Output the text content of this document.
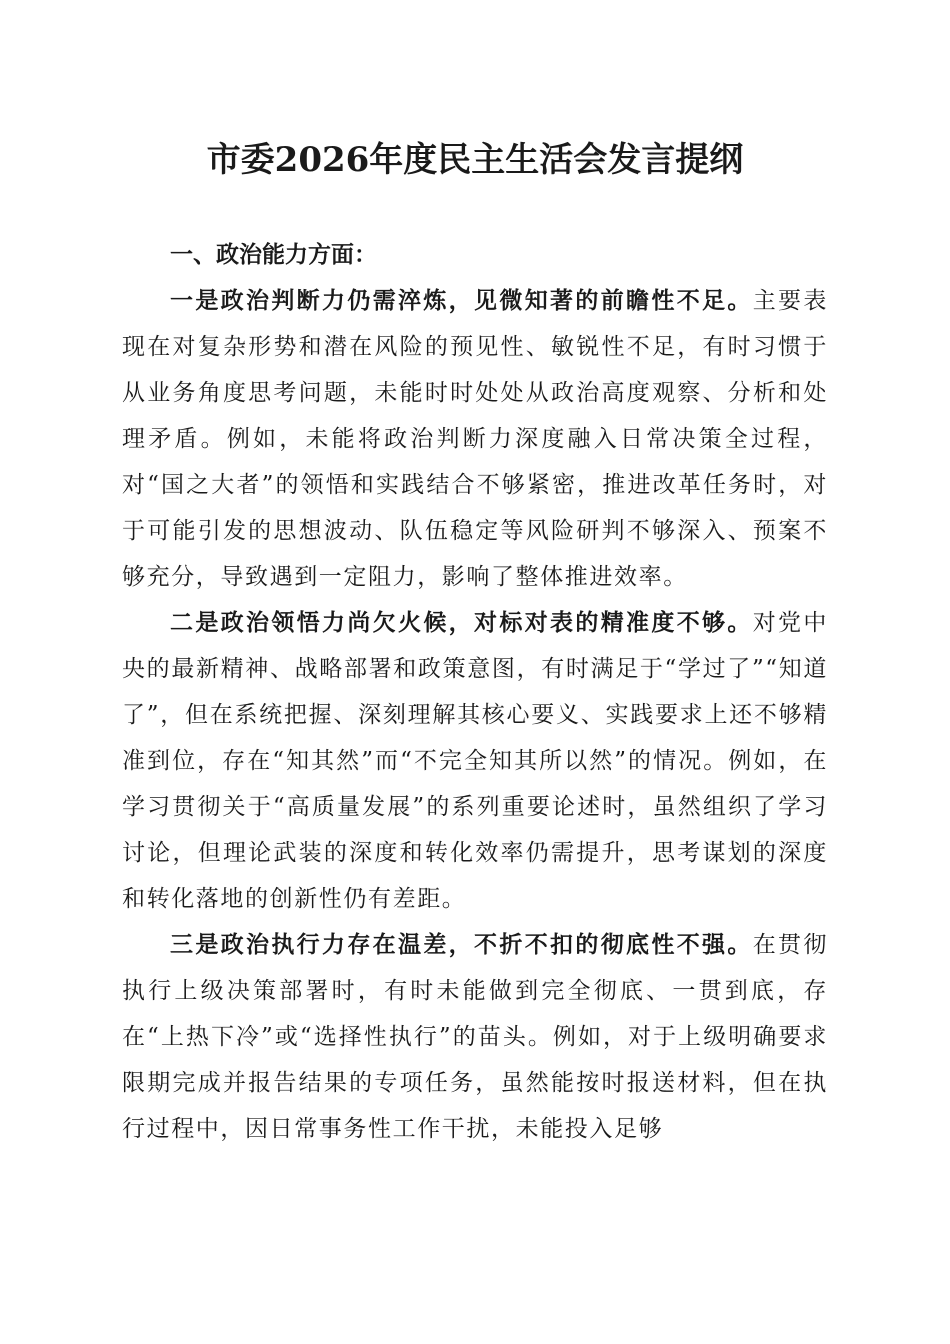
市委2026年度民主生活会发言提纲

一、政治能力方面：

一是政治判断力仍需淬炼，见微知著的前瞻性不足。主要表现在对复杂形势和潜在风险的预见性、敏锐性不足，有时习惯于从业务角度思考问题，未能时时处处从政治高度观察、分析和处理矛盾。例如，未能将政治判断力深度融入日常决策全过程，对“国之大者”的领悟和实践结合不够紧密，推进改革任务时，对于可能引发的思想波动、队伍稳定等风险研判不够深入、预案不够充分，导致遇到一定阻力，影响了整体推进效率。

二是政治领悟力尚欠火候，对标对表的精准度不够。对党中央的最新精神、战略部署和政策意图，有时满足于“学过了”“知道了”，但在系统把握、深刻理解其核心要义、实践要求上还不够精准到位，存在“知其然”而“不完全知其所以然”的情况。例如，在学习贯彻关于“高质量发展”的系列重要论述时，虽然组织了学习讨论，但理论武装的深度和转化效率仍需提升，思考谋划的深度和转化落地的创新性仍有差距。

三是政治执行力存在温差，不折不扣的彻底性不强。在贯彻执行上级决策部署时，有时未能做到完全彻底、一贯到底，存在“上热下冷”或“选择性执行”的苗头。例如，对于上级明确要求限期完成并报告结果的专项任务，虽然能按时报送材料，但在执行过程中，因日常事务性工作干扰，未能投入足够
